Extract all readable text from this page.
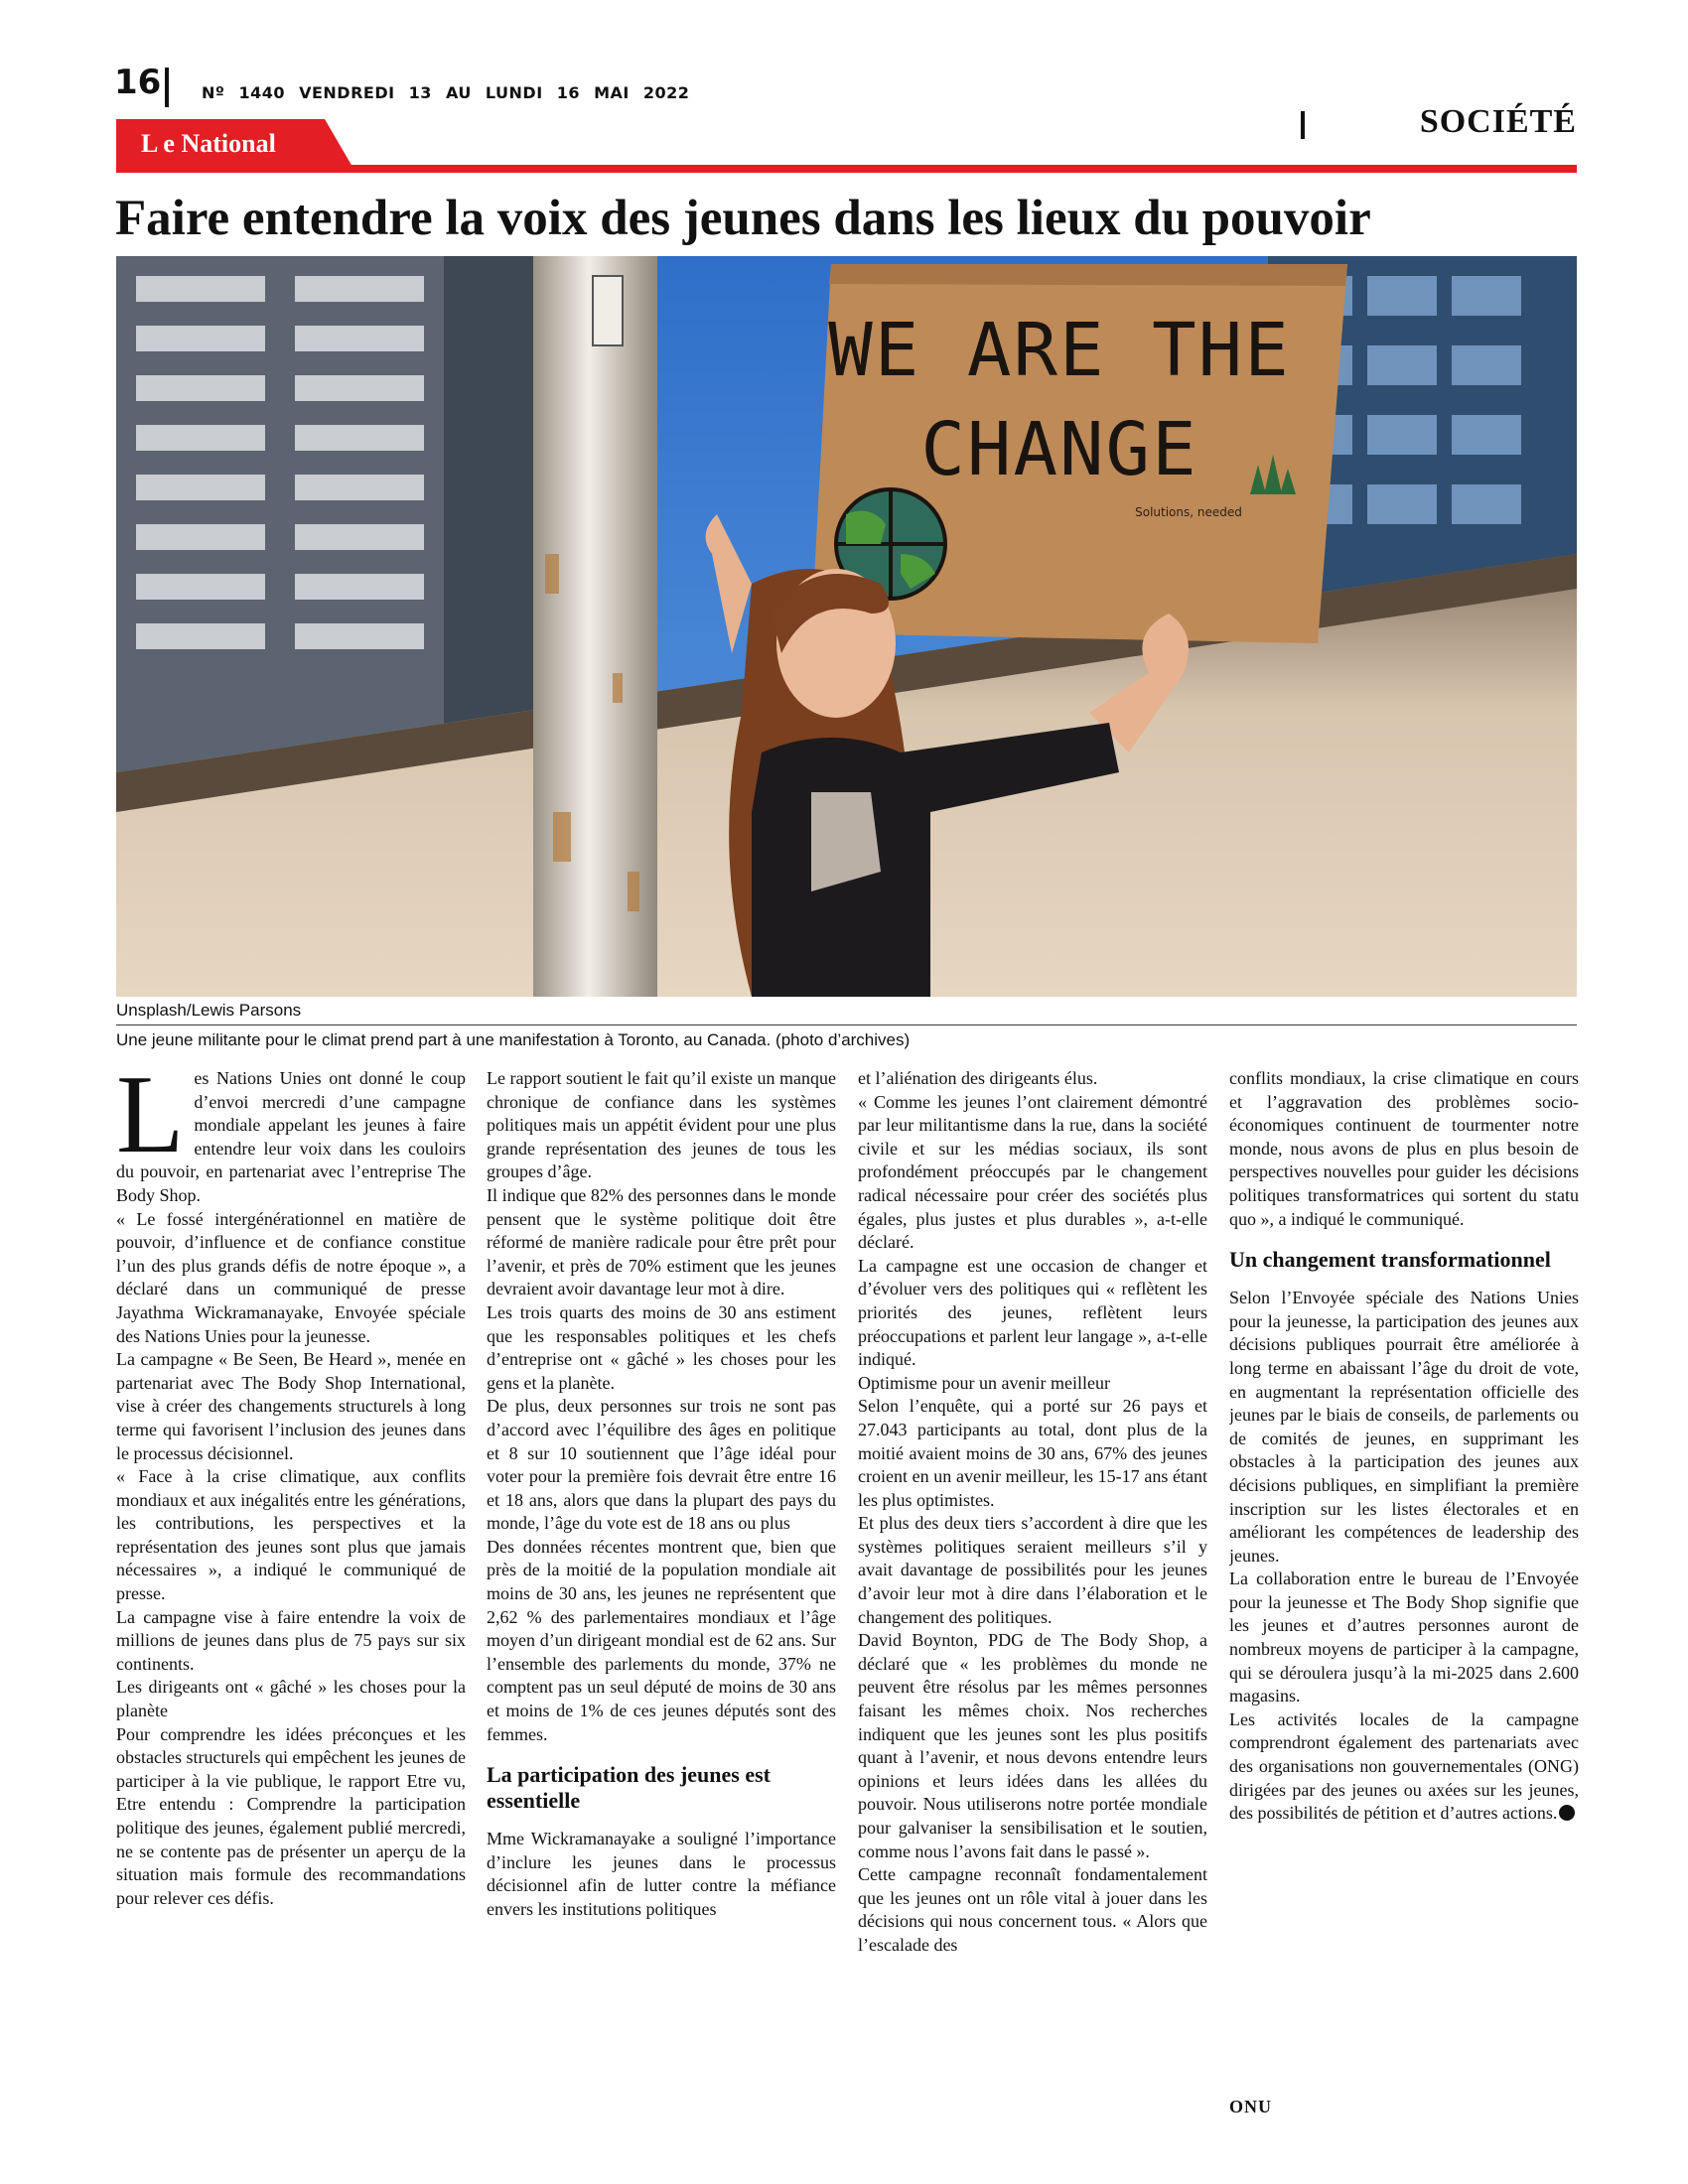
16	Nº 1440 VENDREDI 13 AU LUNDI 16 MAI 2022
L e National
SOCIÉTÉ
Faire entendre la voix des jeunes dans les lieux du pouvoir
WE ARE THE
CHANGE
Solutions, needed
Unsplash/Lewis Parsons
Une jeune militante pour le climat prend part à une manifestation à Toronto, au Canada. (photo d’archives)

Les Nations Unies ont donné le coup d’envoi mercredi d’une campagne mondiale appelant les jeunes à faire entendre leur voix dans les couloirs du pouvoir, en partenariat avec l’entreprise The Body Shop.

« Le fossé intergénérationnel en matière de pouvoir, d’influence et de confiance constitue l’un des plus grands défis de notre époque », a déclaré dans un communiqué de presse Jayathma Wickramanayake, Envoyée spéciale des Nations Unies pour la jeunesse.

La campagne « Be Seen, Be Heard », menée en partenariat avec The Body Shop International, vise à créer des changements structurels à long terme qui favorisent l’inclusion des jeunes dans le processus décisionnel.

« Face à la crise climatique, aux conflits mondiaux et aux inégalités entre les générations, les contributions, les perspectives et la représentation des jeunes sont plus que jamais nécessaires », a indiqué le communiqué de presse.

La campagne vise à faire entendre la voix de millions de jeunes dans plus de 75 pays sur six continents.

Les dirigeants ont « gâché » les choses pour la planète

Pour comprendre les idées préconçues et les obstacles structurels qui empêchent les jeunes de participer à la vie publique, le rapport Etre vu, Etre entendu : Comprendre la participation politique des jeunes, également publié mercredi, ne se contente pas de présenter un aperçu de la situation mais formule des recommandations pour relever ces défis.

Le rapport soutient le fait qu’il existe un manque chronique de confiance dans les systèmes politiques mais un appétit évident pour une plus grande représentation des jeunes de tous les groupes d’âge.

Il indique que 82% des personnes dans le monde pensent que le système politique doit être réformé de manière radicale pour être prêt pour l’avenir, et près de 70% estiment que les jeunes devraient avoir davantage leur mot à dire.

Les trois quarts des moins de 30 ans estiment que les responsables politiques et les chefs d’entreprise ont « gâché » les choses pour les gens et la planète.

De plus, deux personnes sur trois ne sont pas d’accord avec l’équilibre des âges en politique et 8 sur 10 soutiennent que l’âge idéal pour voter pour la première fois devrait être entre 16 et 18 ans, alors que dans la plupart des pays du monde, l’âge du vote est de 18 ans ou plus

Des données récentes montrent que, bien que près de la moitié de la population mondiale ait moins de 30 ans, les jeunes ne représentent que 2,62 % des parlementaires mondiaux et l’âge moyen d’un dirigeant mondial est de 62 ans. Sur l’ensemble des parlements du monde, 37% ne comptent pas un seul député de moins de 30 ans et moins de 1% de ces jeunes députés sont des femmes.

La participation des jeunes est essentielle

Mme Wickramanayake a souligné l’importance d’inclure les jeunes dans le processus décisionnel afin de lutter contre la méfiance envers les institutions politiques

et l’aliénation des dirigeants élus.

« Comme les jeunes l’ont clairement démontré par leur militantisme dans la rue, dans la société civile et sur les médias sociaux, ils sont profondément préoccupés par le changement radical nécessaire pour créer des sociétés plus égales, plus justes et plus durables », a-t-elle déclaré.

La campagne est une occasion de changer et d’évoluer vers des politiques qui « reflètent les priorités des jeunes, reflètent leurs préoccupations et parlent leur langage », a-t-elle indiqué.

Optimisme pour un avenir meilleur

Selon l’enquête, qui a porté sur 26 pays et 27.043 participants au total, dont plus de la moitié avaient moins de 30 ans, 67% des jeunes croient en un avenir meilleur, les 15-17 ans étant les plus optimistes.

Et plus des deux tiers s’accordent à dire que les systèmes politiques seraient meilleurs s’il y avait davantage de possibilités pour les jeunes d’avoir leur mot à dire dans l’élaboration et le changement des politiques.

David Boynton, PDG de The Body Shop, a déclaré que « les problèmes du monde ne peuvent être résolus par les mêmes personnes faisant les mêmes choix. Nos recherches indiquent que les jeunes sont les plus positifs quant à l’avenir, et nous devons entendre leurs opinions et leurs idées dans les allées du pouvoir. Nous utiliserons notre portée mondiale pour galvaniser la sensibilisation et le soutien, comme nous l’avons fait dans le passé ».

Cette campagne reconnaît fondamentalement que les jeunes ont un rôle vital à jouer dans les décisions qui nous concernent tous. « Alors que l’escalade des

conflits mondiaux, la crise climatique en cours et l’aggravation des problèmes socio-économiques continuent de tourmenter notre monde, nous avons de plus en plus besoin de perspectives nouvelles pour guider les décisions politiques transformatrices qui sortent du statu quo », a indiqué le communiqué.

Un changement transformationnel

Selon l’Envoyée spéciale des Nations Unies pour la jeunesse, la participation des jeunes aux décisions publiques pourrait être améliorée à long terme en abaissant l’âge du droit de vote, en augmentant la représentation officielle des jeunes par le biais de conseils, de parlements ou de comités de jeunes, en supprimant les obstacles à la participation des jeunes aux décisions publiques, en simplifiant la première inscription sur les listes électorales et en améliorant les compétences de leadership des jeunes.

La collaboration entre le bureau de l’Envoyée pour la jeunesse et The Body Shop signifie que les jeunes et d’autres personnes auront de nombreux moyens de participer à la campagne, qui se déroulera jusqu’à la mi-2025 dans 2.600 magasins.

Les activités locales de la campagne comprendront également des partenariats avec des organisations non gouvernementales (ONG) dirigées par des jeunes ou axées sur les jeunes, des possibilités de pétition et d’autres actions.

ONU
